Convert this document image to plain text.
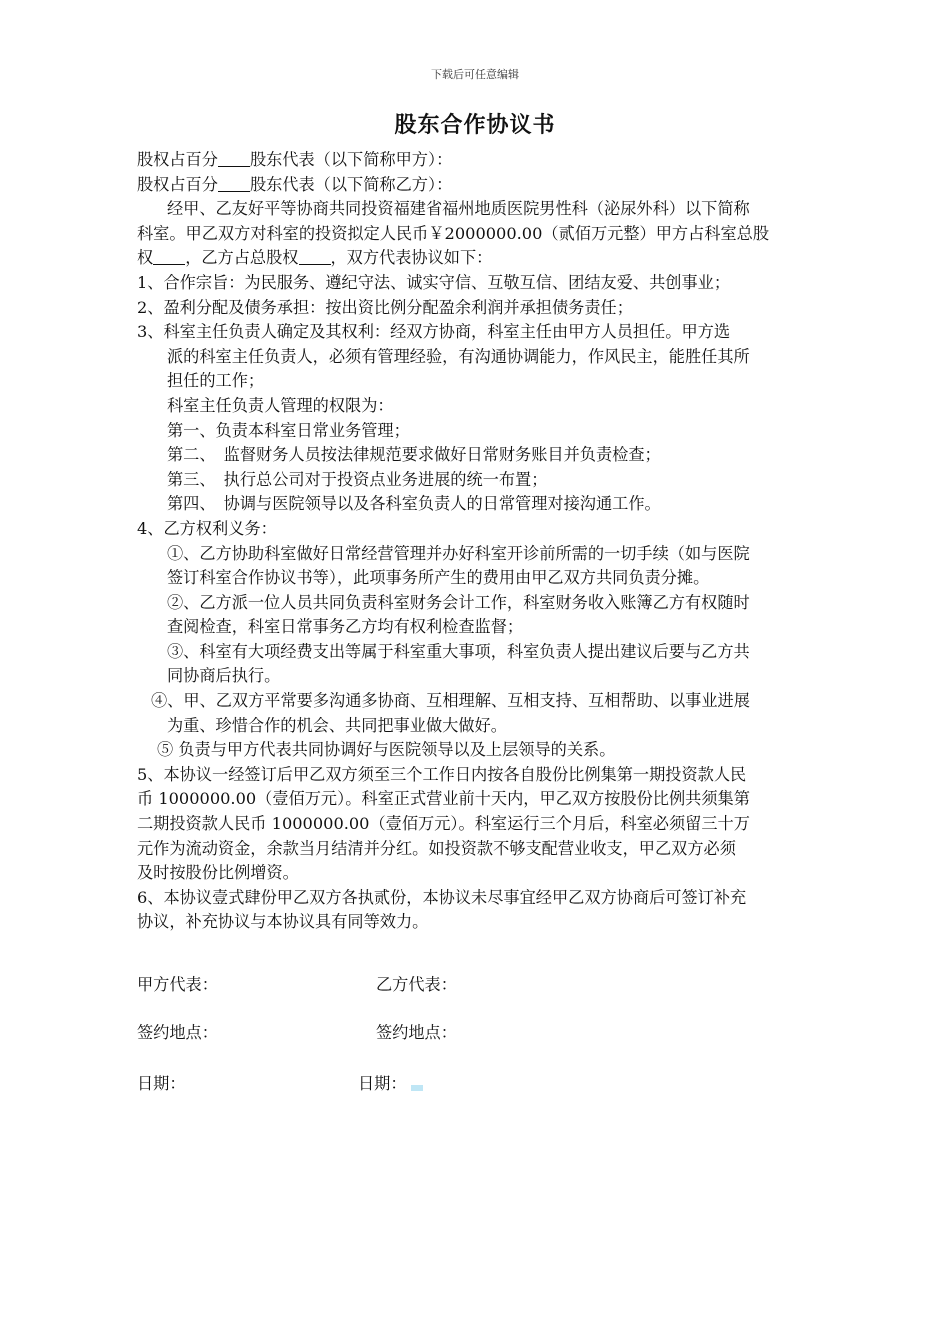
下载后可任意编辑
股东合作协议书

股权占百分 股东代表（以下简称甲方）：

股权占百分 股东代表（以下简称乙方）：

经甲、乙友好平等协商共同投资福建省福州地质医院男性科（泌尿外科）以下简称

科室。甲乙双方对科室的投资拟定人民币￥2000000.00（贰佰万元整）甲方占科室总股

权 ，乙方占总股权 ，双方代表协议如下：

1、合作宗旨：为民服务、遵纪守法、诚实守信、互敬互信、团结友爱、共创事业；

2、盈利分配及债务承担：按出资比例分配盈余利润并承担债务责任；

3、科室主任负责人确定及其权利：经双方协商，科室主任由甲方人员担任。甲方选

派的科室主任负责人，必须有管理经验，有沟通协调能力，作风民主，能胜任其所

担任的工作；

科室主任负责人管理的权限为：

第一、负责本科室日常业务管理；

第二、　监督财务人员按法律规范要求做好日常财务账目并负责检查；

第三、　执行总公司对于投资点业务进展的统一布置；

第四、　协调与医院领导以及各科室负责人的日常管理对接沟通工作。

4、乙方权利义务：

①、乙方协助科室做好日常经营管理并办好科室开诊前所需的一切手续（如与医院

签订科室合作协议书等），此项事务所产生的费用由甲乙双方共同负责分摊。

②、乙方派一位人员共同负责科室财务会计工作，科室财务收入账簿乙方有权随时

查阅检查，科室日常事务乙方均有权利检查监督；

③、科室有大项经费支出等属于科室重大事项，科室负责人提出建议后要与乙方共

同协商后执行。

④、甲、乙双方平常要多沟通多协商、互相理解、互相支持、互相帮助、以事业进展

为重、珍惜合作的机会、共同把事业做大做好。

⑤ 负责与甲方代表共同协调好与医院领导以及上层领导的关系。

5、本协议一经签订后甲乙双方须至三个工作日内按各自股份比例集第一期投资款人民

币 1000000.00（壹佰万元）。科室正式营业前十天内，甲乙双方按股份比例共须集第

二期投资款人民币 1000000.00（壹佰万元）。科室运行三个月后，科室必须留三十万

元作为流动资金，余款当月结清并分红。如投资款不够支配营业收支，甲乙双方必须

及时按股份比例增资。

6、本协议壹式肆份甲乙双方各执贰份，本协议未尽事宜经甲乙双方协商后可签订补充

协议，补充协议与本协议具有同等效力。

甲方代表：	乙方代表：
签约地点：	签约地点：
日期：	日期：
